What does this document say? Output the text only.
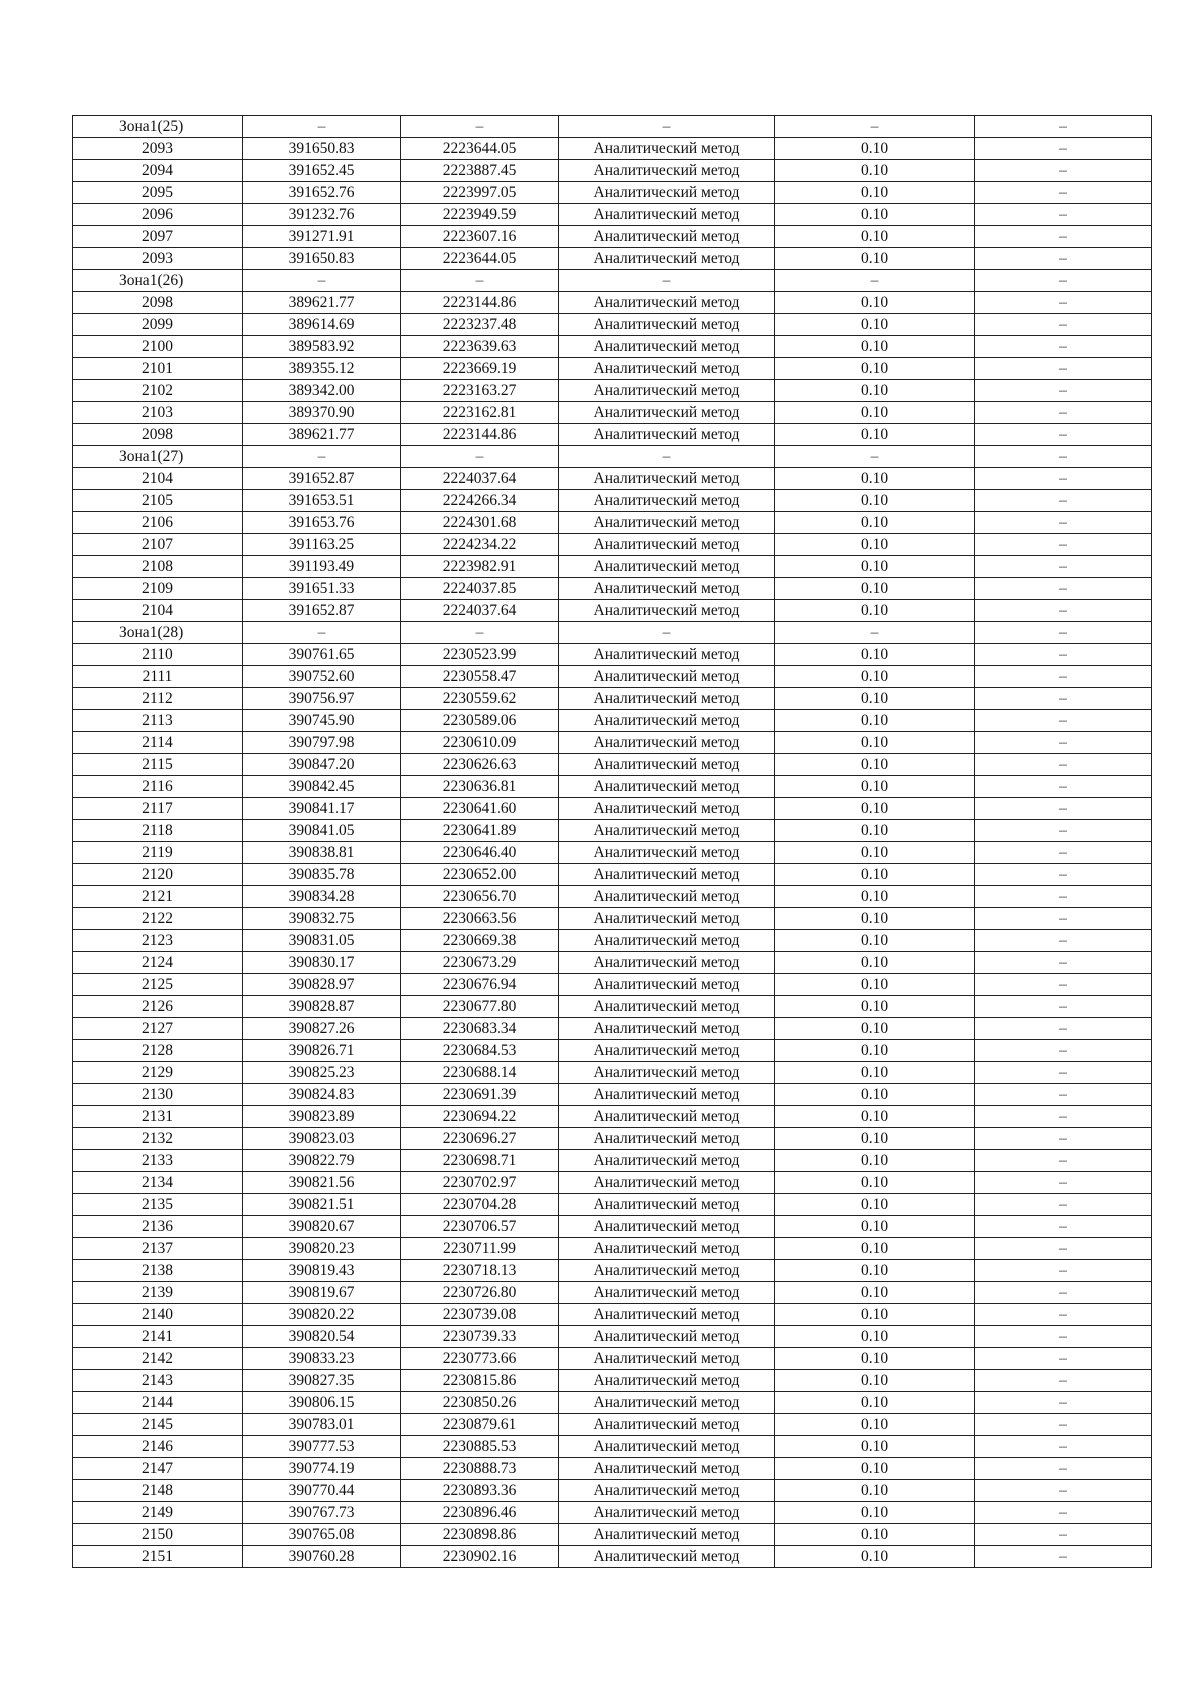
Зона1(25)	–	–	–	–	–
2093	391650.83	2223644.05	Аналитический метод	0.10	–
2094	391652.45	2223887.45	Аналитический метод	0.10	–
2095	391652.76	2223997.05	Аналитический метод	0.10	–
2096	391232.76	2223949.59	Аналитический метод	0.10	–
2097	391271.91	2223607.16	Аналитический метод	0.10	–
2093	391650.83	2223644.05	Аналитический метод	0.10	–
Зона1(26)	–	–	–	–	–
2098	389621.77	2223144.86	Аналитический метод	0.10	–
2099	389614.69	2223237.48	Аналитический метод	0.10	–
2100	389583.92	2223639.63	Аналитический метод	0.10	–
2101	389355.12	2223669.19	Аналитический метод	0.10	–
2102	389342.00	2223163.27	Аналитический метод	0.10	–
2103	389370.90	2223162.81	Аналитический метод	0.10	–
2098	389621.77	2223144.86	Аналитический метод	0.10	–
Зона1(27)	–	–	–	–	–
2104	391652.87	2224037.64	Аналитический метод	0.10	–
2105	391653.51	2224266.34	Аналитический метод	0.10	–
2106	391653.76	2224301.68	Аналитический метод	0.10	–
2107	391163.25	2224234.22	Аналитический метод	0.10	–
2108	391193.49	2223982.91	Аналитический метод	0.10	–
2109	391651.33	2224037.85	Аналитический метод	0.10	–
2104	391652.87	2224037.64	Аналитический метод	0.10	–
Зона1(28)	–	–	–	–	–
2110	390761.65	2230523.99	Аналитический метод	0.10	–
2111	390752.60	2230558.47	Аналитический метод	0.10	–
2112	390756.97	2230559.62	Аналитический метод	0.10	–
2113	390745.90	2230589.06	Аналитический метод	0.10	–
2114	390797.98	2230610.09	Аналитический метод	0.10	–
2115	390847.20	2230626.63	Аналитический метод	0.10	–
2116	390842.45	2230636.81	Аналитический метод	0.10	–
2117	390841.17	2230641.60	Аналитический метод	0.10	–
2118	390841.05	2230641.89	Аналитический метод	0.10	–
2119	390838.81	2230646.40	Аналитический метод	0.10	–
2120	390835.78	2230652.00	Аналитический метод	0.10	–
2121	390834.28	2230656.70	Аналитический метод	0.10	–
2122	390832.75	2230663.56	Аналитический метод	0.10	–
2123	390831.05	2230669.38	Аналитический метод	0.10	–
2124	390830.17	2230673.29	Аналитический метод	0.10	–
2125	390828.97	2230676.94	Аналитический метод	0.10	–
2126	390828.87	2230677.80	Аналитический метод	0.10	–
2127	390827.26	2230683.34	Аналитический метод	0.10	–
2128	390826.71	2230684.53	Аналитический метод	0.10	–
2129	390825.23	2230688.14	Аналитический метод	0.10	–
2130	390824.83	2230691.39	Аналитический метод	0.10	–
2131	390823.89	2230694.22	Аналитический метод	0.10	–
2132	390823.03	2230696.27	Аналитический метод	0.10	–
2133	390822.79	2230698.71	Аналитический метод	0.10	–
2134	390821.56	2230702.97	Аналитический метод	0.10	–
2135	390821.51	2230704.28	Аналитический метод	0.10	–
2136	390820.67	2230706.57	Аналитический метод	0.10	–
2137	390820.23	2230711.99	Аналитический метод	0.10	–
2138	390819.43	2230718.13	Аналитический метод	0.10	–
2139	390819.67	2230726.80	Аналитический метод	0.10	–
2140	390820.22	2230739.08	Аналитический метод	0.10	–
2141	390820.54	2230739.33	Аналитический метод	0.10	–
2142	390833.23	2230773.66	Аналитический метод	0.10	–
2143	390827.35	2230815.86	Аналитический метод	0.10	–
2144	390806.15	2230850.26	Аналитический метод	0.10	–
2145	390783.01	2230879.61	Аналитический метод	0.10	–
2146	390777.53	2230885.53	Аналитический метод	0.10	–
2147	390774.19	2230888.73	Аналитический метод	0.10	–
2148	390770.44	2230893.36	Аналитический метод	0.10	–
2149	390767.73	2230896.46	Аналитический метод	0.10	–
2150	390765.08	2230898.86	Аналитический метод	0.10	–
2151	390760.28	2230902.16	Аналитический метод	0.10	–
